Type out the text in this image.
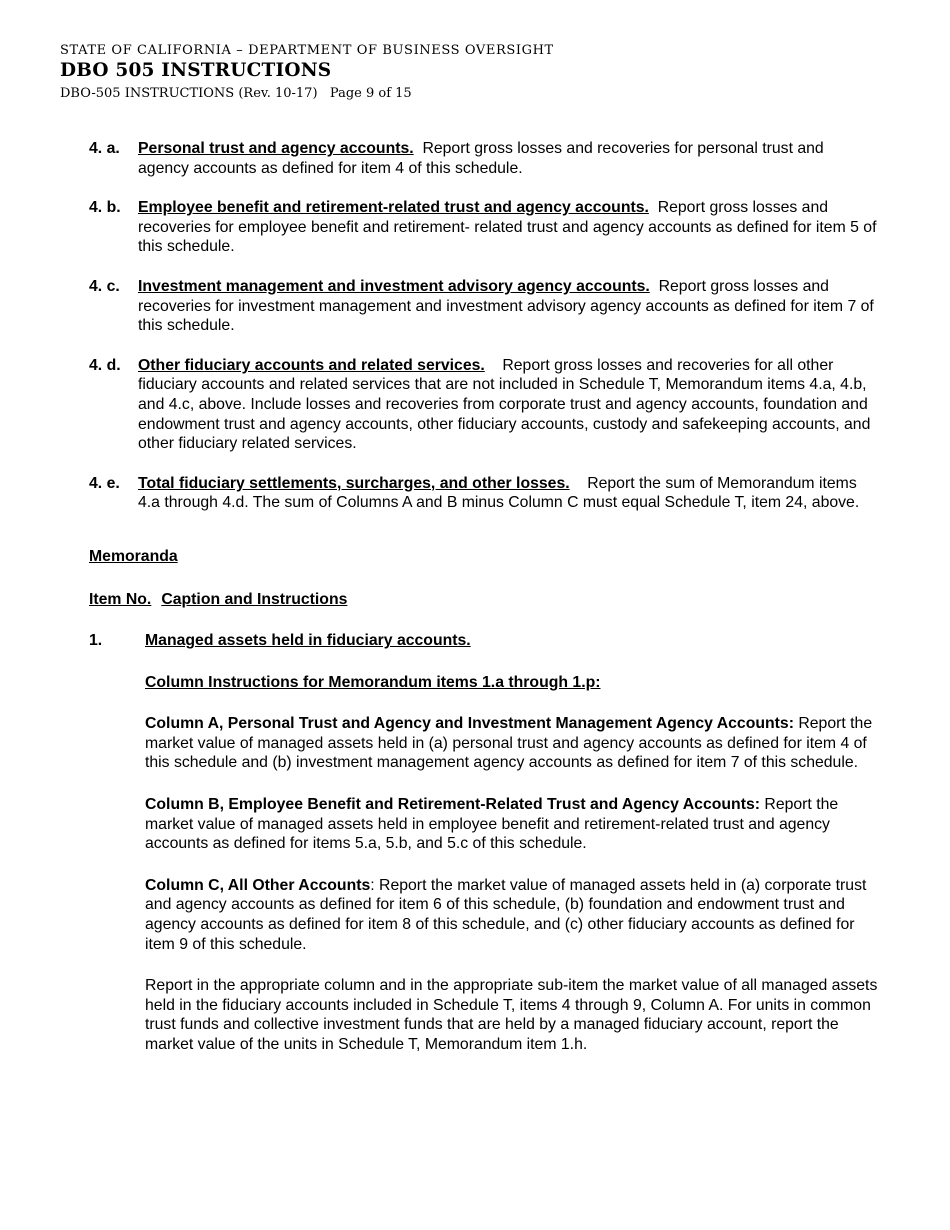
STATE OF CALIFORNIA – DEPARTMENT OF BUSINESS OVERSIGHT
DBO 505 INSTRUCTIONS
DBO-505 INSTRUCTIONS (Rev. 10-17) Page 9 of 15
4. a. Personal trust and agency accounts. Report gross losses and recoveries for personal trust and agency accounts as defined for item 4 of this schedule.
4. b. Employee benefit and retirement-related trust and agency accounts. Report gross losses and recoveries for employee benefit and retirement- related trust and agency accounts as defined for item 5 of this schedule.
4. c. Investment management and investment advisory agency accounts. Report gross losses and recoveries for investment management and investment advisory agency accounts as defined for item 7 of this schedule.
4. d. Other fiduciary accounts and related services. Report gross losses and recoveries for all other fiduciary accounts and related services that are not included in Schedule T, Memorandum items 4.a, 4.b, and 4.c, above. Include losses and recoveries from corporate trust and agency accounts, foundation and endowment trust and agency accounts, other fiduciary accounts, custody and safekeeping accounts, and other fiduciary related services.
4. e. Total fiduciary settlements, surcharges, and other losses. Report the sum of Memorandum items 4.a through 4.d. The sum of Columns A and B minus Column C must equal Schedule T, item 24, above.
Memoranda
Item No. Caption and Instructions
1.	Managed assets held in fiduciary accounts.
Column Instructions for Memorandum items 1.a through 1.p:
Column A, Personal Trust and Agency and Investment Management Agency Accounts: Report the market value of managed assets held in (a) personal trust and agency accounts as defined for item 4 of this schedule and (b) investment management agency accounts as defined for item 7 of this schedule.
Column B, Employee Benefit and Retirement-Related Trust and Agency Accounts: Report the market value of managed assets held in employee benefit and retirement-related trust and agency accounts as defined for items 5.a, 5.b, and 5.c of this schedule.
Column C, All Other Accounts: Report the market value of managed assets held in (a) corporate trust and agency accounts as defined for item 6 of this schedule, (b) foundation and endowment trust and agency accounts as defined for item 8 of this schedule, and (c) other fiduciary accounts as defined for item 9 of this schedule.
Report in the appropriate column and in the appropriate sub-item the market value of all managed assets held in the fiduciary accounts included in Schedule T, items 4 through 9, Column A. For units in common trust funds and collective investment funds that are held by a managed fiduciary account, report the market value of the units in Schedule T, Memorandum item 1.h.
